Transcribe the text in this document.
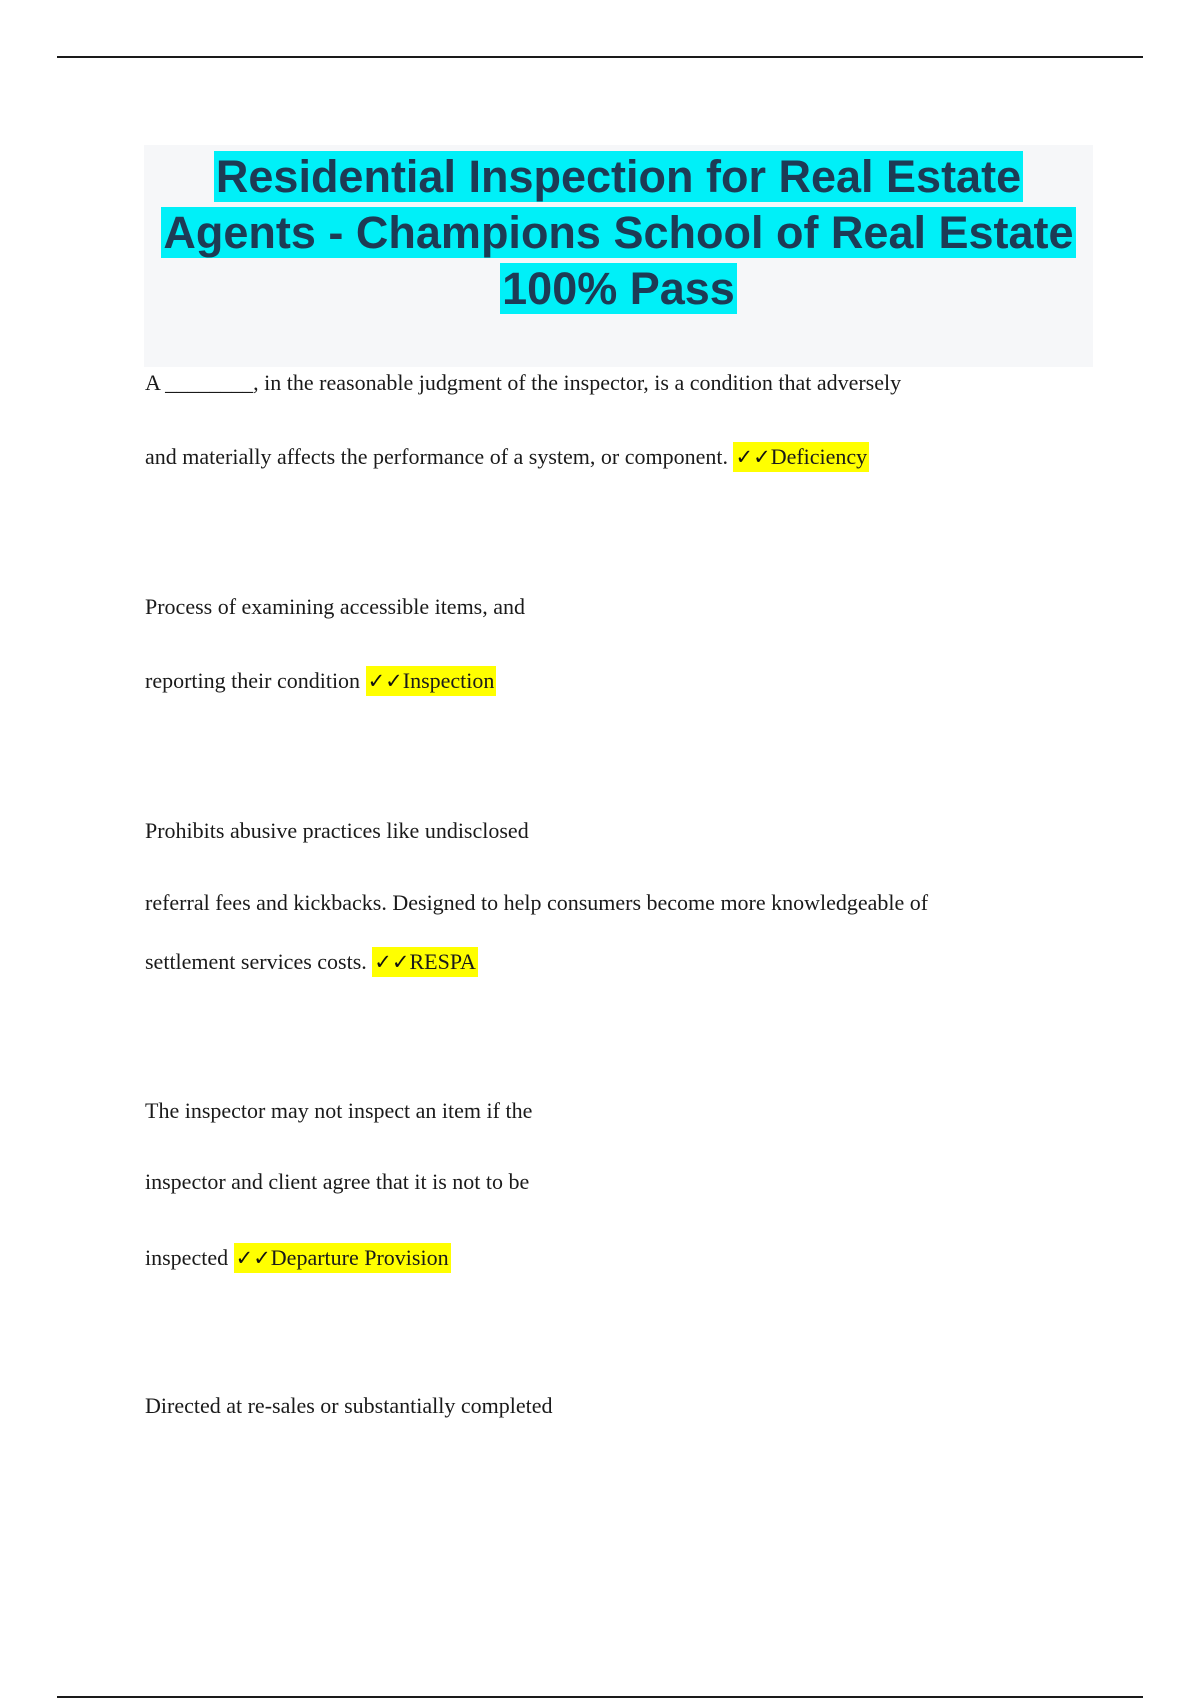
Residential Inspection for Real Estate Agents - Champions School of Real Estate 100% Pass
A ________, in the reasonable judgment of the inspector, is a condition that adversely
and materially affects the performance of a system, or component. ✓✓Deficiency
Process of examining accessible items, and
reporting their condition ✓✓Inspection
Prohibits abusive practices like undisclosed
referral fees and kickbacks. Designed to help consumers become more knowledgeable of
settlement services costs. ✓✓RESPA
The inspector may not inspect an item if the
inspector and client agree that it is not to be
inspected ✓✓Departure Provision
Directed at re-sales or substantially completed
